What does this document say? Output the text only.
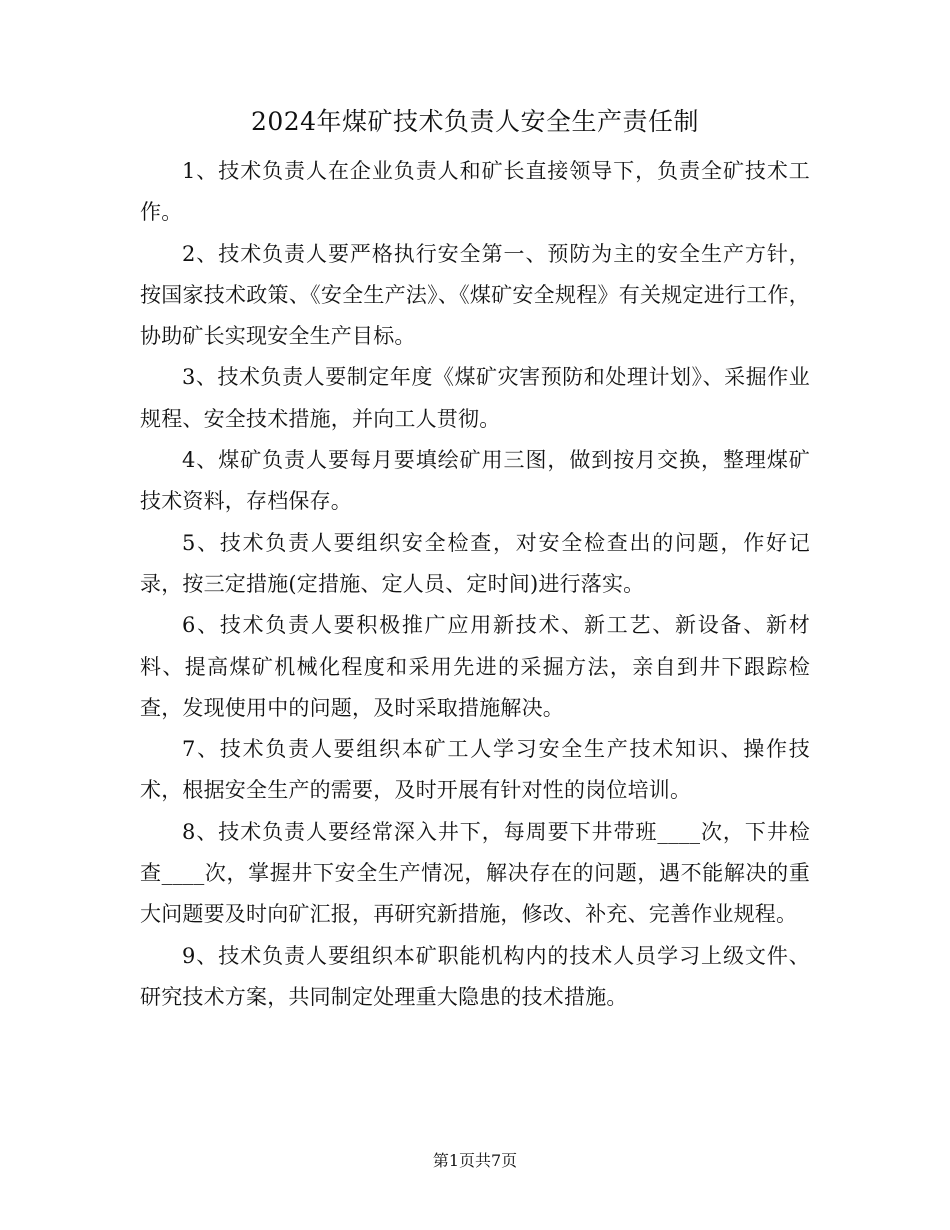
2024年煤矿技术负责人安全生产责任制

1、技术负责人在企业负责人和矿长直接领导下，负责全矿技术工作。

2、技术负责人要严格执行安全第一、预防为主的安全生产方针，按国家技术政策、《安全生产法》、《煤矿安全规程》有关规定进行工作，协助矿长实现安全生产目标。

3、技术负责人要制定年度《煤矿灾害预防和处理计划》、采掘作业规程、安全技术措施，并向工人贯彻。

4、煤矿负责人要每月要填绘矿用三图，做到按月交换，整理煤矿技术资料，存档保存。

5、技术负责人要组织安全检查，对安全检查出的问题，作好记录，按三定措施(定措施、定人员、定时间)进行落实。

6、技术负责人要积极推广应用新技术、新工艺、新设备、新材料、提高煤矿机械化程度和采用先进的采掘方法，亲自到井下跟踪检查，发现使用中的问题，及时采取措施解决。

7、技术负责人要组织本矿工人学习安全生产技术知识、操作技术，根据安全生产的需要，及时开展有针对性的岗位培训。

8、技术负责人要经常深入井下，每周要下井带班____次，下井检查____次，掌握井下安全生产情况，解决存在的问题，遇不能解决的重大问题要及时向矿汇报，再研究新措施，修改、补充、完善作业规程。

9、技术负责人要组织本矿职能机构内的技术人员学习上级文件、研究技术方案，共同制定处理重大隐患的技术措施。

第1页共7页
